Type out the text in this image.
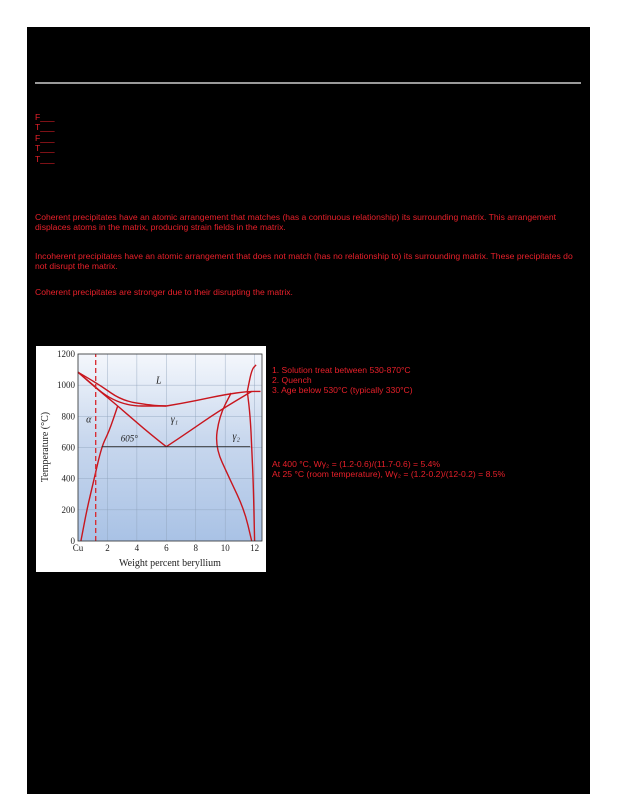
F___
T___
F___
T___
T___
Coherent precipitates have an atomic arrangement that matches (has a continuous relationship) its surrounding matrix. This arrangement displaces atoms in the matrix, producing strain fields in the matrix.
Incoherent precipitates have an atomic arrangement that does not match (has no relationship to) its surrounding matrix. These precipitates do not disrupt the matrix.
Coherent precipitates are stronger due to their disrupting the matrix.
0
200
400
600
800
1000
1200
Cu 2	4	6	8	10 12
Temperature (°C)
Weight percent beryllium
L
α	γ₁
γ₂
605°
1. Solution treat between 530-870°C
2. Quench
3. Age below 530°C (typically 330°C)
At 400 °C, Wγ₂ = (1.2-0.6)/(11.7-0.6) = 5.4%
At 25 °C (room temperature), Wγ₂ = (1.2-0.2)/(12-0.2) = 8.5%
